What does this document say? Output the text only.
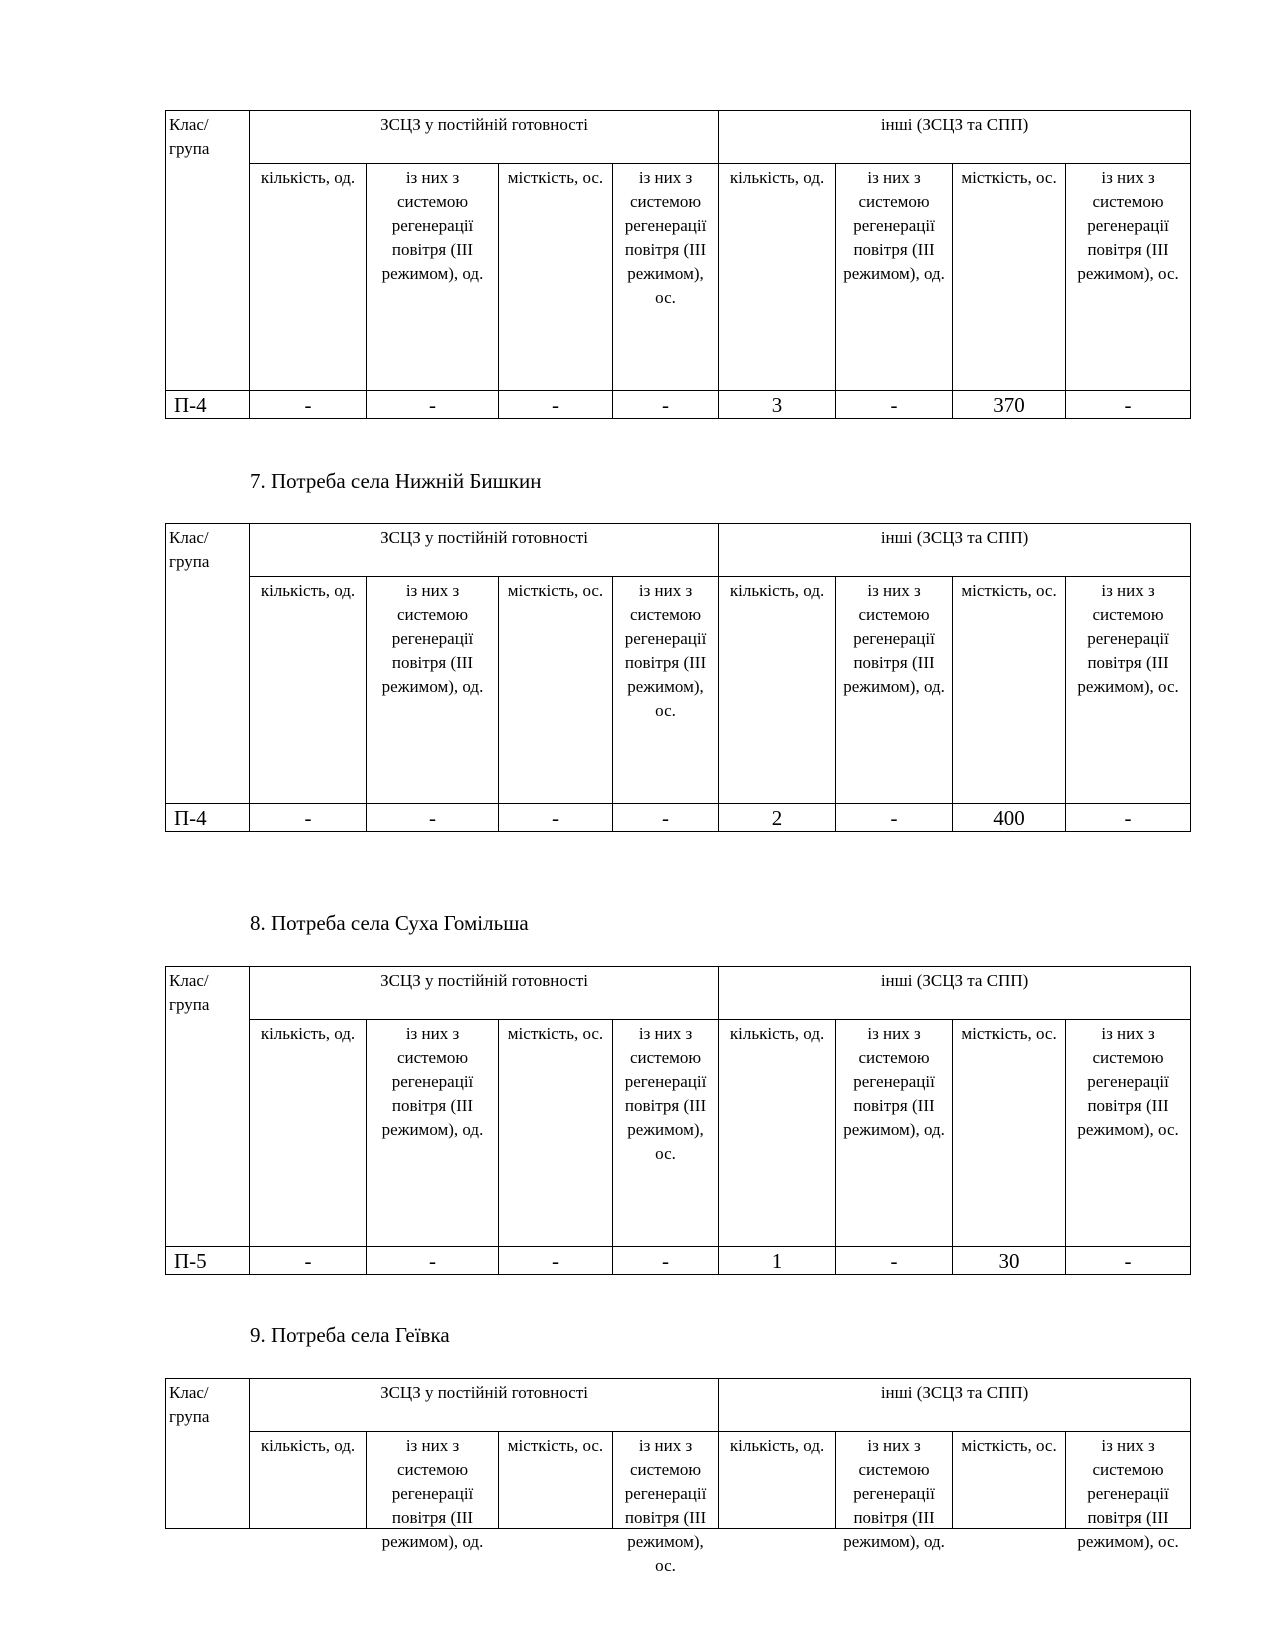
Клас/група	ЗСЦЗ у постійній готовності				інші (ЗСЦЗ та СПП)			
	кількість, од.	із них з системою регенерації повітря (ІІІ режимом), од.	місткість, ос.	із них з системою регенерації повітря (ІІІ режимом), ос.	кількість, од.	із них з системою регенерації повітря (ІІІ режимом), од.	місткість, ос.	із них з системою регенерації повітря (ІІІ режимом), ос.
П-4	-	-	-	-	3	-	370	-
7. Потреба села Нижній Бишкин
Клас/група	ЗСЦЗ у постійній готовності				інші (ЗСЦЗ та СПП)			
	кількість, од.	із них з системою регенерації повітря (ІІІ режимом), од.	місткість, ос.	із них з системою регенерації повітря (ІІІ режимом), ос.	кількість, од.	із них з системою регенерації повітря (ІІІ режимом), од.	місткість, ос.	із них з системою регенерації повітря (ІІІ режимом), ос.
П-4	-	-	-	-	2	-	400	-
8. Потреба села Суха Гомільша
Клас/група	ЗСЦЗ у постійній готовності				інші (ЗСЦЗ та СПП)			
	кількість, од.	із них з системою регенерації повітря (ІІІ режимом), од.	місткість, ос.	із них з системою регенерації повітря (ІІІ режимом), ос.	кількість, од.	із них з системою регенерації повітря (ІІІ режимом), од.	місткість, ос.	із них з системою регенерації повітря (ІІІ режимом), ос.
П-5	-	-	-	-	1	-	30	-
9. Потреба села Геївка
Клас/група	ЗСЦЗ у постійній готовності				інші (ЗСЦЗ та СПП)			

	кількість, од.	із них з системою регенерації повітря (ІІІ режимом), од.	місткість, ос.	із них з системою регенерації повітря (ІІІ режимом), ос.	кількість, од.	із них з системою регенерації повітря (ІІІ режимом), од.	місткість, ос.	із них з системою регенерації повітря (ІІІ режимом), ос.
